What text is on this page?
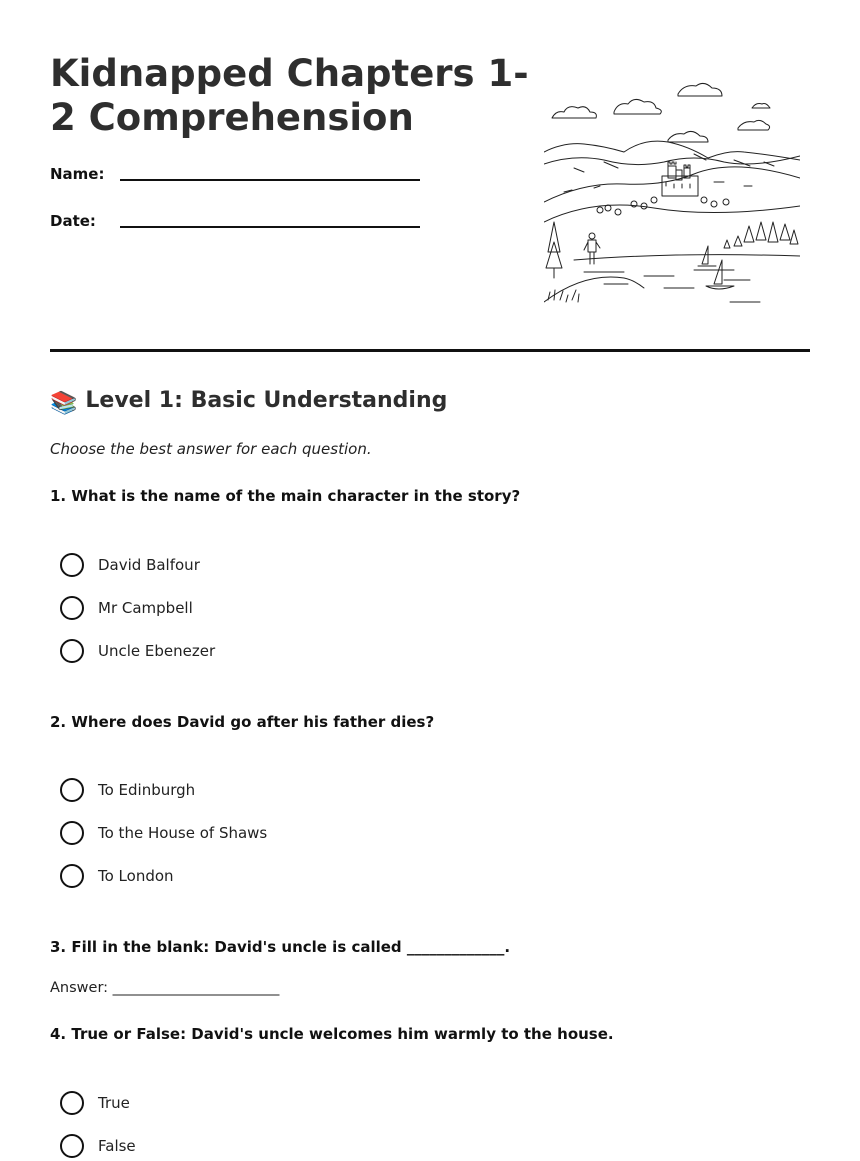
Kidnapped Chapters 1-2 Comprehension
Name:
Date:
📚 Level 1: Basic Understanding
Choose the best answer for each question.
1. What is the name of the main character in the story?
David Balfour
Mr Campbell
Uncle Ebenezer
2. Where does David go after his father dies?
To Edinburgh
To the House of Shaws
To London
3. Fill in the blank: David's uncle is called _____________.
Answer: _______________________
4. True or False: David's uncle welcomes him warmly to the house.
True
False
